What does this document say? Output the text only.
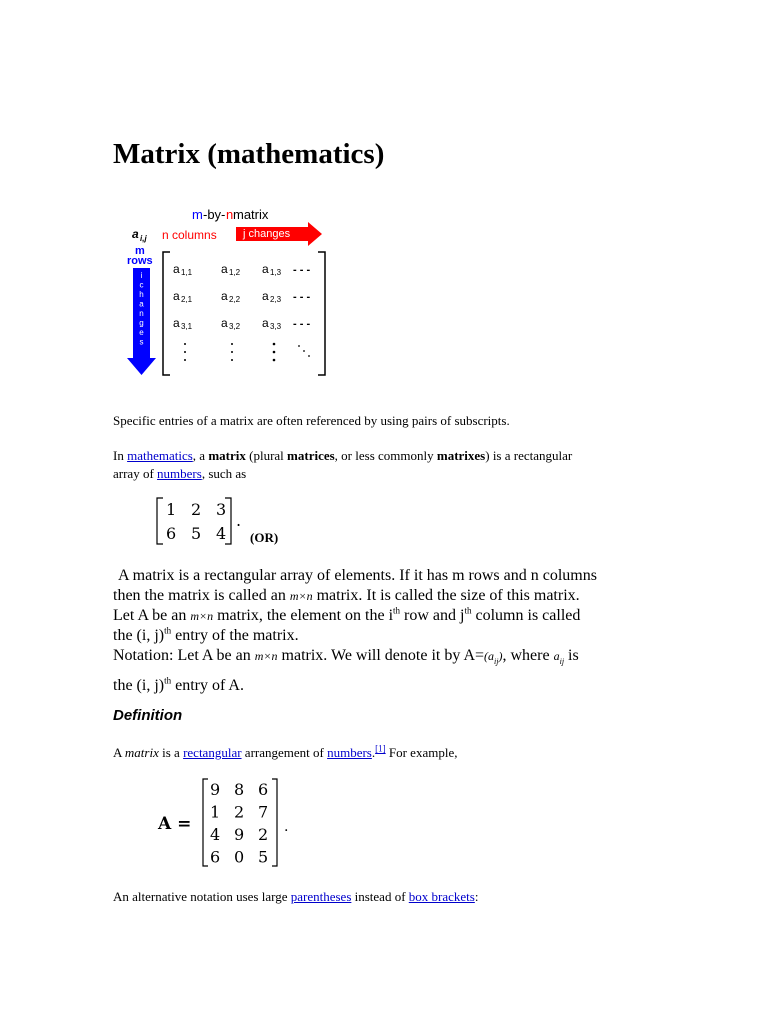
Matrix (mathematics)
m -by- n matrix
a i,j n columns j changes
m
rows
i
c
h
a
n
g
e
s
a 1,1 a 1,2 a 1,3 - - -
a 2,1 a 2,2 a 2,3 - - -
a 3,1 a 3,2 a 3,3 - - -
Specific entries of a matrix are often referenced by using pairs of subscripts.
In mathematics, a matrix (plural matrices, or less commonly matrixes) is a rectangular
array of numbers, such as
1 2 3
6 5 4
.
(OR)
A matrix is a rectangular array of elements. If it has m rows and n columns
then the matrix is called an m×n matrix. It is called the size of this matrix.
Let A be an m×n matrix, the element on the $i^{th}$ row and $j^{th}$ column is called
the (i, j)$^{th}$ entry of the matrix.
Notation: Let A be an m×n matrix. We will denote it by $A=(a_{ij})$, where $a_{ij}$ is

the (i, j)$^{th}$ entry of A.
Definition
A matrix is a rectangular arrangement of numbers.[1] For example,
A =
9 8 6
1 2 7
4 9 2
6 0 5
.
An alternative notation uses large parentheses instead of box brackets:
